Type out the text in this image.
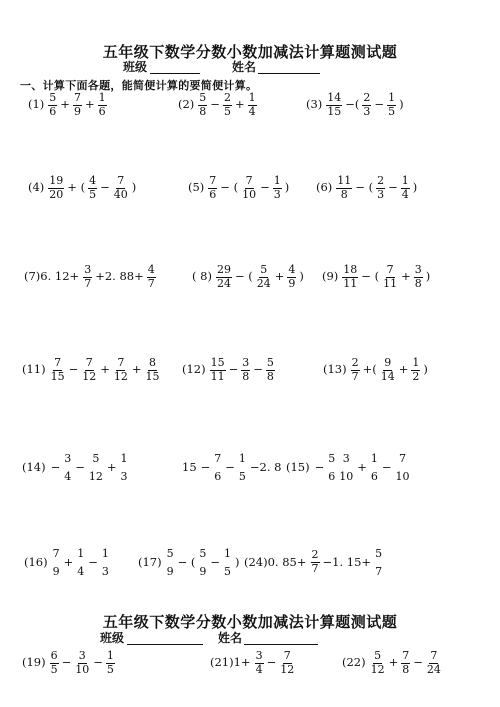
五年级下数学分数小数加减法计算题测试题
班级	姓名
一、计算下面各题，能简便计算的要简便计算。
$(1) \frac{5}{6} + \frac{7}{9} + \frac{1}{6}$	$(2) \frac{5}{8} - \frac{2}{5} + \frac{1}{4}$	$(3) \frac{14}{15}$ −( $\frac{2}{3} - \frac{1}{5}$ )
$(4) \frac{19}{20}$ + ( $\frac{4}{5} - \frac{7}{40}$ )	$(5) \frac{7}{6}$ − ( $\frac{7}{10} - \frac{1}{3}$ ) $(6) \frac{11}{8}$ − ( $\frac{2}{3} - \frac{1}{4}$ )
(7)6. $12+ \frac{3}{7} +2$. $88+ \frac{4}{7}$	( $8) \frac{29}{24}$ − ( $\frac{5}{24} + \frac{4}{9}$ ) $(9) \frac{18}{11}$ − ( $\frac{7}{11} + \frac{3}{8}$ )
$(11) \frac{7}{15} - \frac{7}{12} + \frac{7}{12} + \frac{8}{15} (12) \frac{15}{11} - \frac{3}{8} - \frac{5}{8}$	$(13) \frac{2}{7}$ +( $\frac{9}{14} + \frac{1}{2}$ )
(14) −
3
4
−
5
12
+
1
3
15 −
7
6
−
1
5
−2. 8 (15) −
5
6
3
10
+
1
6
−
7
10
(16)
7
9
+
1
4
−
1
3
(17)
5
9
− (
5
9
−
1
5
) (24)0. $85+ \frac{2}{7} -1$. 15+
5
7
五年级下数学分数小数加减法计算题测试题
班级	姓名
$(19) \frac{6}{5} - \frac{3}{10} - \frac{1}{5}$	$(21)1+ \frac{3}{4} - \frac{7}{12}$	$(22) \frac{5}{12} + \frac{7}{8} - \frac{7}{24}$
